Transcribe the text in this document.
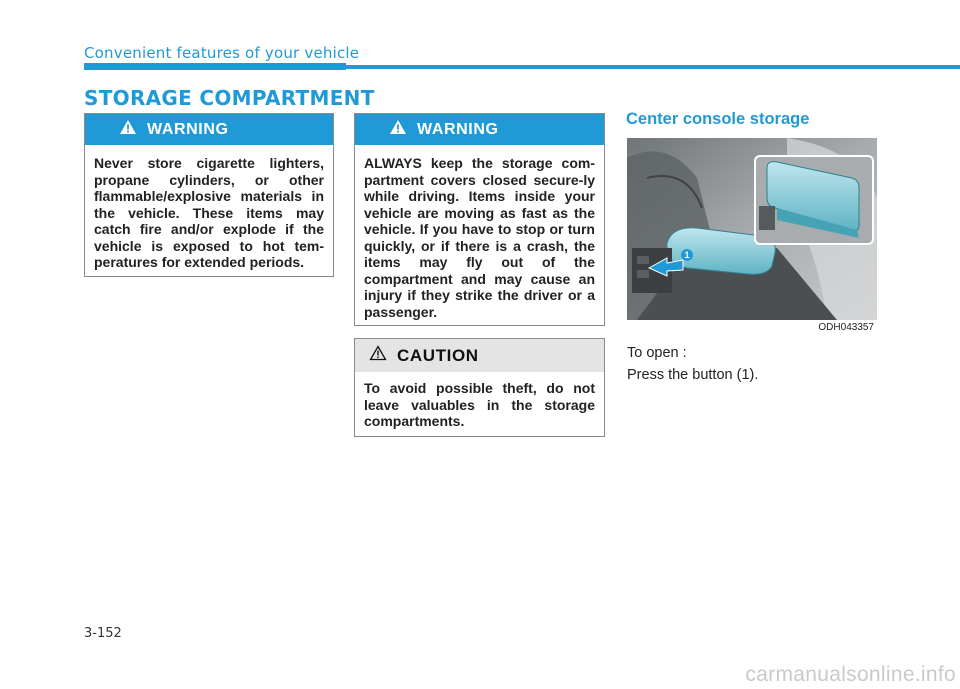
Convenient features of your vehicle
STORAGE COMPARTMENT
WARNING
Never store cigarette lighters, propane cylinders, or other flammable/explosive materials in the vehicle. These items may catch fire and/or explode if the vehicle is exposed to hot tem-peratures for extended periods.
WARNING
ALWAYS keep the storage com-partment covers closed secure-ly while driving. Items inside your vehicle are moving as fast as the vehicle. If you have to stop or turn quickly, or if there is a crash, the items may fly out of the compartment and may cause an injury if they strike the driver or a passenger.
CAUTION
To avoid possible theft, do not leave valuables in the storage compartments.
Center console storage
1
ODH043357
To open :
Press the button (1).
3-152
carmanualsonline.info
